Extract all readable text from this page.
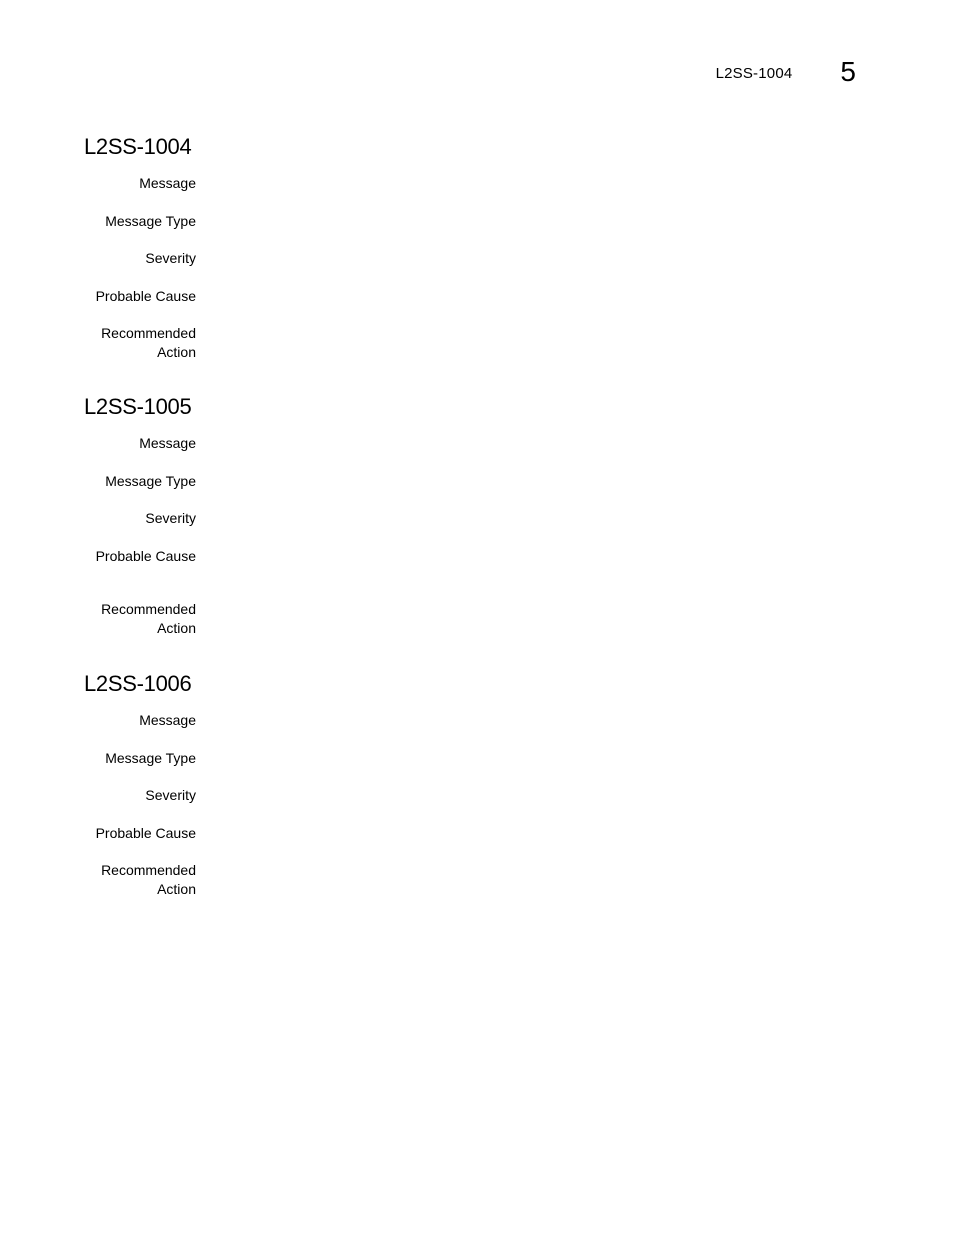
L2SS-1004 5
L2SS-1004
Message
Message Type
Severity
Probable Cause
Recommended
Action
L2SS-1005
Message
Message Type
Severity
Probable Cause
Recommended
Action
L2SS-1006
Message
Message Type
Severity
Probable Cause
Recommended
Action
